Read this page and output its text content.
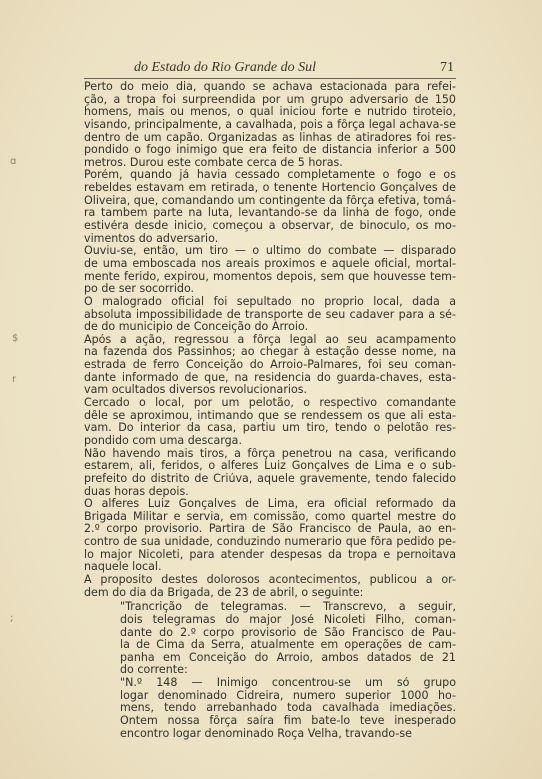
ɑ
$
r
;
do Estado do Rio Grande do Sul	71
Perto do meio dia, quando se achava estacionada para refei-
ção, a tropa foi surpreendida por um grupo adversario de 150
homens, mais ou menos, o qual iniciou forte e nutrido tiroteio,
visando, principalmente, a cavalhada, pois a fôrça legal achava-se
dentro de um capão. Organizadas as linhas de atiradores foi res-
pondido o fogo inimigo que era feito de distancia inferior a 500
metros. Durou este combate cerca de 5 horas.
Porém, quando já havia cessado completamente o fogo e os
rebeldes estavam em retirada, o tenente Hortencio Gonçalves de
Oliveira, que, comandando um contingente da fôrça efetiva, tomá-
ra tambem parte na luta, levantando-se da linha de fogo, onde
estivéra desde inicio, começou a observar, de binoculo, os mo-
vimentos do adversario.
Ouviu-se, então, um tiro — o ultimo do combate — disparado
de uma emboscada nos areais proximos e aquele oficial, mortal-
mente ferido, expirou, momentos depois, sem que houvesse tem-
po de ser socorrido.
O malogrado oficial foi sepultado no proprio local, dada a
absoluta impossibilidade de transporte de seu cadaver para a sé-
de do municipio de Conceição do Arroio.
Após a ação, regressou a fôrça legal ao seu acampamento
na fazenda dos Passinhos; ao chegar à estação desse nome, na
estrada de ferro Conceição do Arroio-Palmares, foi seu coman-
dante informado de que, na residencia do guarda-chaves, esta-
vam ocultados diversos revolucionarios.
Cercado o local, por um pelotão, o respectivo comandante
dêle se aproximou, intimando que se rendessem os que ali esta-
vam. Do interior da casa, partiu um tiro, tendo o pelotão res-
pondido com uma descarga.
Não havendo mais tiros, a fôrça penetrou na casa, verificando
estarem, ali, feridos, o alferes Luiz Gonçalves de Lima e o sub-
prefeito do distrito de Criúva, aquele gravemente, tendo falecido
duas horas depois.
O alferes Luiz Gonçalves de Lima, era oficial reformado da
Brigada Militar e servia, em comissão, como quartel mestre do
2.º corpo provisorio. Partira de São Francisco de Paula, ao en-
contro de sua unidade, conduzindo numerario que fôra pedido pe-
lo major Nicoleti, para atender despesas da tropa e pernoitava
naquele local.
A proposito destes dolorosos acontecimentos, publicou a or-
dem do dia da Brigada, de 23 de abril, o seguinte:
"Trancrição de telegramas. — Transcrevo, a seguir,
dois telegramas do major José Nicoleti Filho, coman-
dante do 2.º corpo provisorio de São Francisco de Pau-
la de Cima da Serra, atualmente em operações de cam-
panha em Conceição do Arroio, ambos datados de 21
do corrente:
"N.º 148 — Inimigo concentrou-se um só grupo
logar denominado Cidreira, numero superior 1000 ho-
mens, tendo arrebanhado toda cavalhada imediações.
Ontem nossa fôrça saíra fim bate-lo teve inesperado
encontro logar denominado Roça Velha, travando-se
